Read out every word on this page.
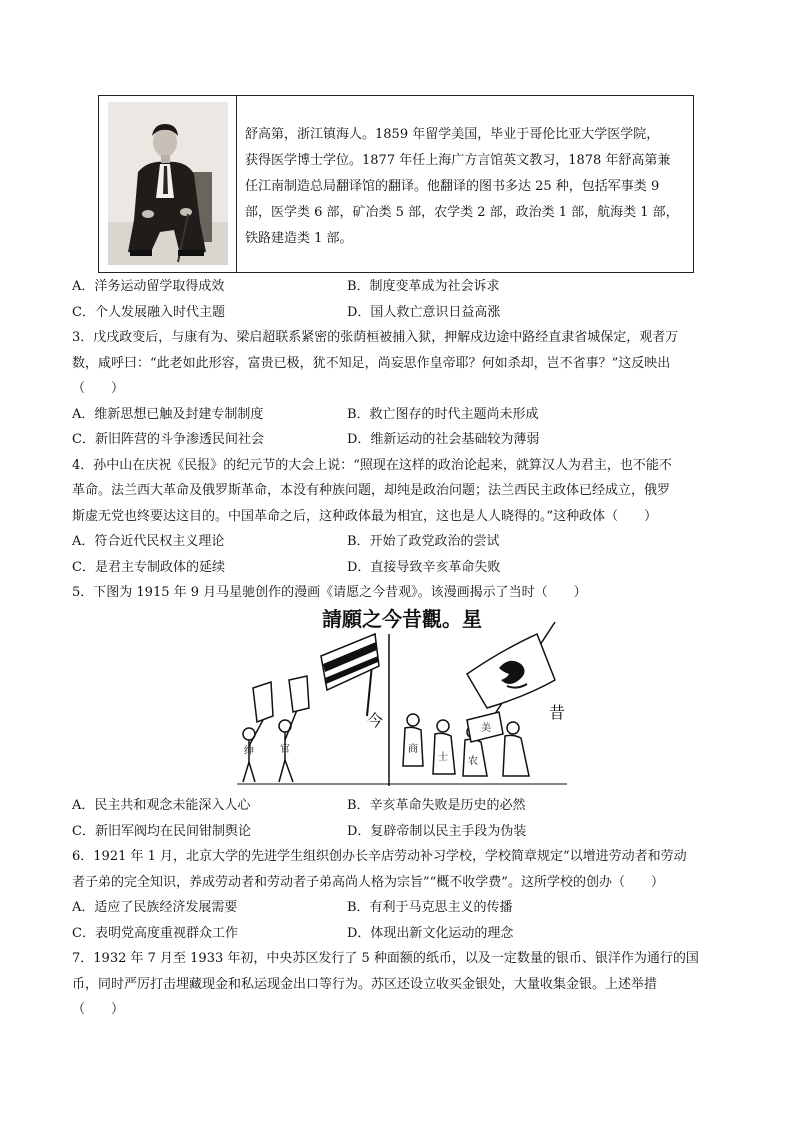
舒高第，浙江镇海人。1859 年留学美国，毕业于哥伦比亚大学医学院，
获得医学博士学位。1877 年任上海广方言馆英文教习，1878 年舒高第兼
任江南制造总局翻译馆的翻译。他翻译的图书多达 25 种，包括军事类 9
部，医学类 6 部，矿冶类 5 部，农学类 2 部，政治类 1 部，航海类 1 部，
铁路建造类 1 部。
A．洋务运动留学取得成效	B．制度变革成为社会诉求
C．个人发展融入时代主题	D．国人救亡意识日益高涨
3．戊戌政变后，与康有为、梁启超联系紧密的张荫桓被捕入狱，押解戍边途中路经直隶省城保定，观者万
数，咸呼曰：“此老如此形容，富贵已极，犹不知足，尚妄思作皇帝耶？何如杀却，岂不省事？”这反映出
（　　）
A．维新思想已触及封建专制制度	B．救亡图存的时代主题尚未形成
C．新旧阵营的斗争渗透民间社会	D．维新运动的社会基础较为薄弱
4．孙中山在庆祝《民报》的纪元节的大会上说：“照现在这样的政治论起来，就算汉人为君主，也不能不
革命。法兰西大革命及俄罗斯革命，本没有种族问题，却纯是政治问题；法兰西民主政体已经成立，俄罗
斯虚无党也终要达这目的。中国革命之后，这种政体最为相宜，这也是人人晓得的。”这种政体（　　）
A．符合近代民权主义理论	B．开始了政党政治的尝试
C．是君主专制政体的延续	D．直接导致辛亥革命失败
5．下图为 1915 年 9 月马星驰创作的漫画《请愿之今昔观》。该漫画揭示了当时（　　）
請願之今昔觀。星
今	昔
绅	官	商
士 农
美
A．民主共和观念未能深入人心	B．辛亥革命失败是历史的必然
C．新旧军阀均在民间钳制舆论	D．复辟帝制以民主手段为伪装
6．1921 年 1 月，北京大学的先进学生组织创办长辛店劳动补习学校，学校简章规定“以增进劳动者和劳动
者子弟的完全知识，养成劳动者和劳动者子弟高尚人格为宗旨”“概不收学费”。这所学校的创办（　　）
A．适应了民族经济发展需要	B．有利于马克思主义的传播
C．表明党高度重视群众工作	D．体现出新文化运动的理念
7．1932 年 7 月至 1933 年初，中央苏区发行了 5 种面额的纸币，以及一定数量的银币、银洋作为通行的国
币，同时严厉打击埋藏现金和私运现金出口等行为。苏区还设立收买金银处，大量收集金银。上述举措
（　　）
